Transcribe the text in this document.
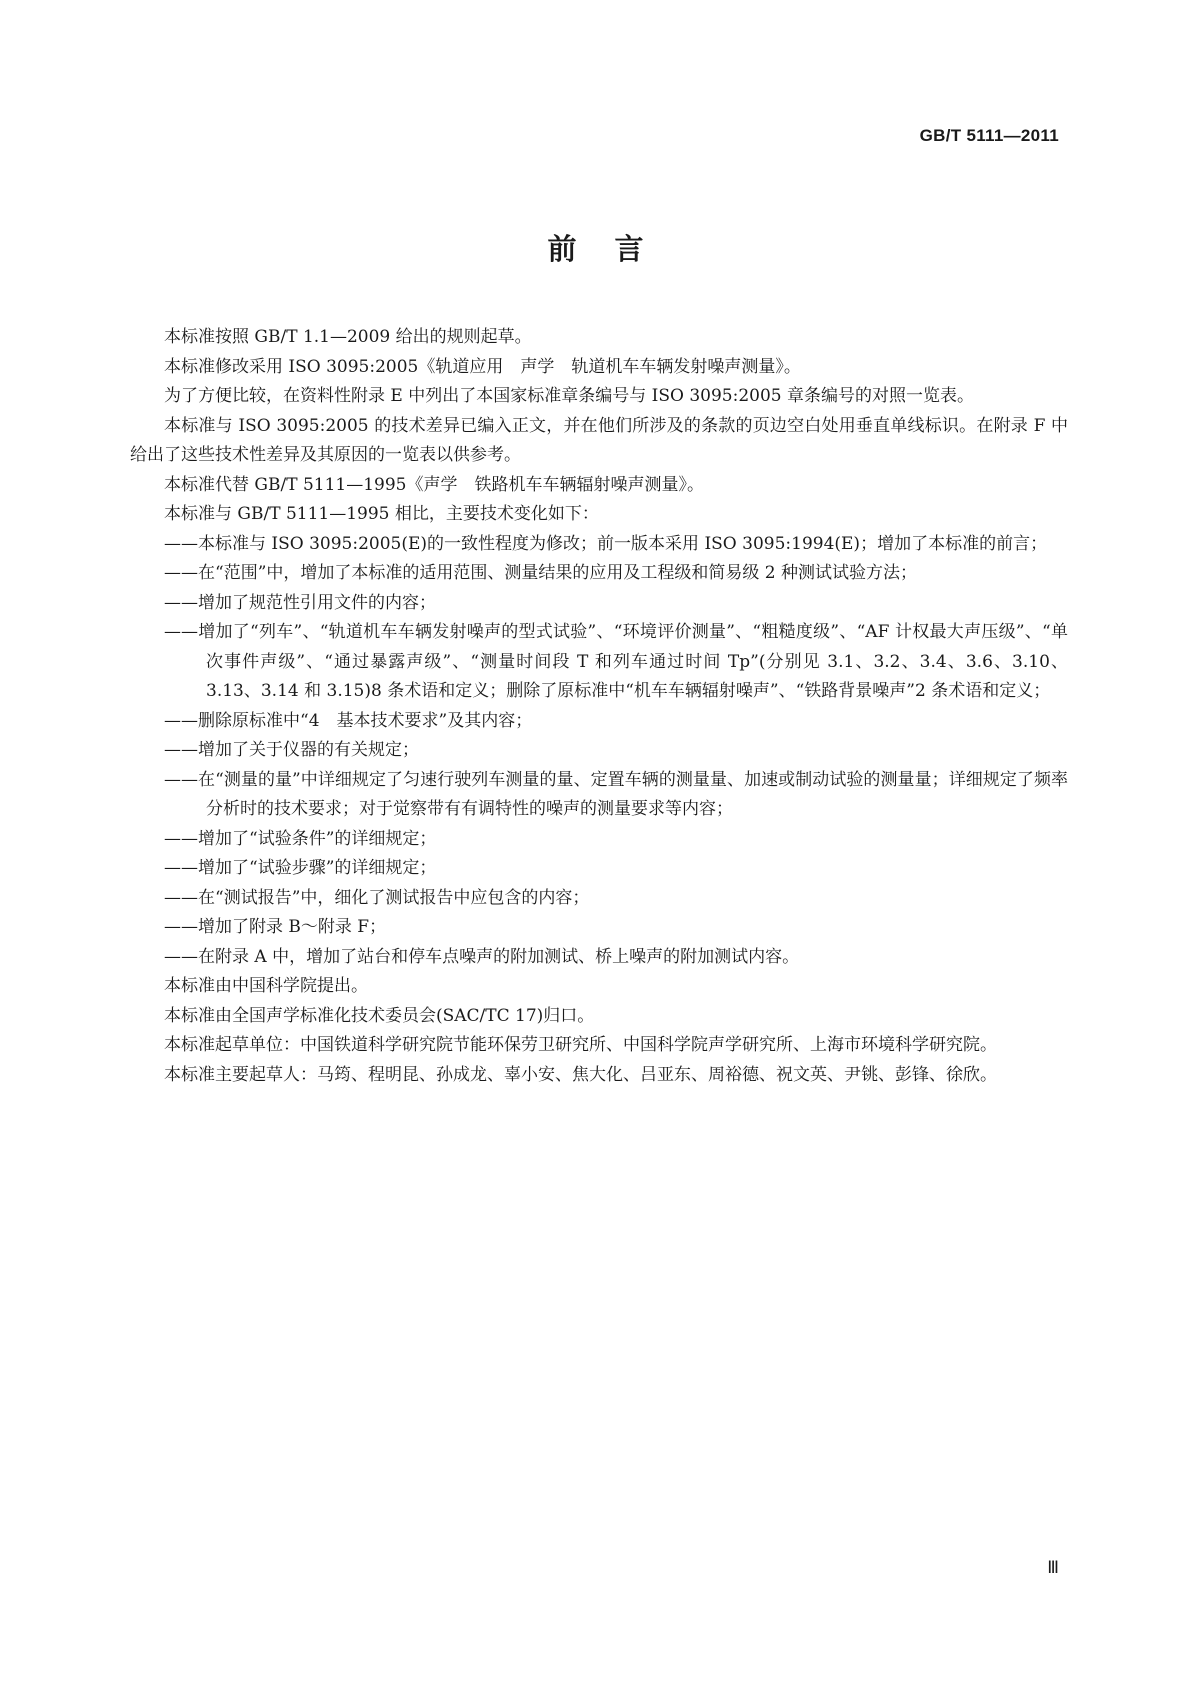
GB/T 5111—2011
前言

本标准按照 GB/T 1.1—2009 给出的规则起草。

本标准修改采用 ISO 3095:2005《轨道应用　声学　轨道机车车辆发射噪声测量》。

为了方便比较，在资料性附录 E 中列出了本国家标准章条编号与 ISO 3095:2005 章条编号的对照一览表。

本标准与 ISO 3095:2005 的技术差异已编入正文，并在他们所涉及的条款的页边空白处用垂直单线标识。在附录 F 中给出了这些技术性差异及其原因的一览表以供参考。

本标准代替 GB/T 5111—1995《声学　铁路机车车辆辐射噪声测量》。

本标准与 GB/T 5111—1995 相比，主要技术变化如下：

——本标准与 ISO 3095:2005(E)的一致性程度为修改；前一版本采用 ISO 3095:1994(E)；增加了本标准的前言；

——在“范围”中，增加了本标准的适用范围、测量结果的应用及工程级和简易级 2 种测试试验方法；

——增加了规范性引用文件的内容；

——增加了“列车”、“轨道机车车辆发射噪声的型式试验”、“环境评价测量”、“粗糙度级”、“AF 计权最大声压级”、“单次事件声级”、“通过暴露声级”、“测量时间段 T 和列车通过时间 Tp”(分别见 3.1、3.2、3.4、3.6、3.10、3.13、3.14 和 3.15)8 条术语和定义；删除了原标准中“机车车辆辐射噪声”、“铁路背景噪声”2 条术语和定义；

——删除原标准中“4　基本技术要求”及其内容；

——增加了关于仪器的有关规定；

——在“测量的量”中详细规定了匀速行驶列车测量的量、定置车辆的测量量、加速或制动试验的测量量；详细规定了频率分析时的技术要求；对于觉察带有有调特性的噪声的测量要求等内容；

——增加了“试验条件”的详细规定；

——增加了“试验步骤”的详细规定；

——在“测试报告”中，细化了测试报告中应包含的内容；

——增加了附录 B～附录 F；

——在附录 A 中，增加了站台和停车点噪声的附加测试、桥上噪声的附加测试内容。

本标准由中国科学院提出。

本标准由全国声学标准化技术委员会(SAC/TC 17)归口。

本标准起草单位：中国铁道科学研究院节能环保劳卫研究所、中国科学院声学研究所、上海市环境科学研究院。

本标准主要起草人：马筠、程明昆、孙成龙、辜小安、焦大化、吕亚东、周裕德、祝文英、尹铫、彭锋、徐欣。

Ⅲ
